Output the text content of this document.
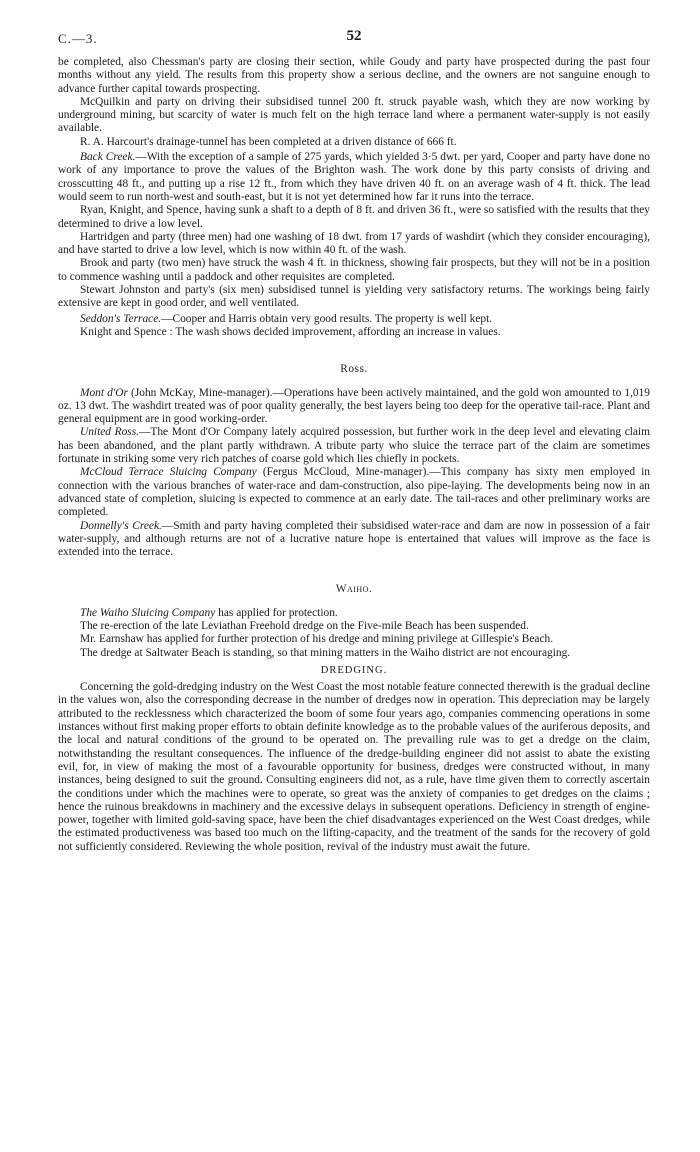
C.—3.	52

be completed, also Chessman's party are closing their section, while Goudy and party have prospected during the past four months without any yield. The results from this property show a serious decline, and the owners are not sanguine enough to advance further capital towards prospecting.

McQuilkin and party on driving their subsidised tunnel 200 ft. struck payable wash, which they are now working by underground mining, but scarcity of water is much felt on the high terrace land where a permanent water-supply is not easily available.

R. A. Harcourt's drainage-tunnel has been completed at a driven distance of 666 ft.

Back Creek.—With the exception of a sample of 275 yards, which yielded 3·5 dwt. per yard, Cooper and party have done no work of any importance to prove the values of the Brighton wash. The work done by this party consists of driving and crosscutting 48 ft., and putting up a rise 12 ft., from which they have driven 40 ft. on an average wash of 4 ft. thick. The lead would seem to run north-west and south-east, but it is not yet determined how far it runs into the terrace.

Ryan, Knight, and Spence, having sunk a shaft to a depth of 8 ft. and driven 36 ft., were so satisfied with the results that they determined to drive a low level.

Hartridgen and party (three men) had one washing of 18 dwt. from 17 yards of washdirt (which they consider encouraging), and have started to drive a low level, which is now within 40 ft. of the wash.

Brook and party (two men) have struck the wash 4 ft. in thickness, showing fair prospects, but they will not be in a position to commence washing until a paddock and other requisites are completed.

Stewart Johnston and party's (six men) subsidised tunnel is yielding very satisfactory returns. The workings being fairly extensive are kept in good order, and well ventilated.

Seddon's Terrace.—Cooper and Harris obtain very good results. The property is well kept.

Knight and Spence : The wash shows decided improvement, affording an increase in values.

Ross.

Mont d'Or (John McKay, Mine-manager).—Operations have been actively maintained, and the gold won amounted to 1,019 oz. 13 dwt. The washdirt treated was of poor quality generally, the best layers being too deep for the operative tail-race. Plant and general equipment are in good working-order.

United Ross.—The Mont d'Or Company lately acquired possession, but further work in the deep level and elevating claim has been abandoned, and the plant partly withdrawn. A tribute party who sluice the terrace part of the claim are sometimes fortunate in striking some very rich patches of coarse gold which lies chiefly in pockets.

McCloud Terrace Sluicing Company (Fergus McCloud, Mine-manager).—This company has sixty men employed in connection with the various branches of water-race and dam-construction, also pipe-laying. The developments being now in an advanced state of completion, sluicing is expected to commence at an early date. The tail-races and other preliminary works are completed.

Donnelly's Creek.—Smith and party having completed their subsidised water-race and dam are now in possession of a fair water-supply, and although returns are not of a lucrative nature hope is entertained that values will improve as the face is extended into the terrace.

Waiho.

The Waiho Sluicing Company has applied for protection.

The re-erection of the late Leviathan Freehold dredge on the Five-mile Beach has been suspended.

Mr. Earnshaw has applied for further protection of his dredge and mining privilege at Gillespie's Beach.

The dredge at Saltwater Beach is standing, so that mining matters in the Waiho district are not encouraging.

DREDGING.

Concerning the gold-dredging industry on the West Coast the most notable feature connected therewith is the gradual decline in the values won, also the corresponding decrease in the number of dredges now in operation. This depreciation may be largely attributed to the recklessness which characterized the boom of some four years ago, companies commencing operations in some instances without first making proper efforts to obtain definite knowledge as to the probable values of the auriferous deposits, and the local and natural conditions of the ground to be operated on. The prevailing rule was to get a dredge on the claim, notwithstanding the resultant consequences. The influence of the dredge-building engineer did not assist to abate the existing evil, for, in view of making the most of a favourable opportunity for business, dredges were constructed without, in many instances, being designed to suit the ground. Consulting engineers did not, as a rule, have time given them to correctly ascertain the conditions under which the machines were to operate, so great was the anxiety of companies to get dredges on the claims ; hence the ruinous breakdowns in machinery and the excessive delays in subsequent operations. Deficiency in strength of engine-power, together with limited gold-saving space, have been the chief disadvantages experienced on the West Coast dredges, while the estimated productiveness was based too much on the lifting-capacity, and the treatment of the sands for the recovery of gold not sufficiently considered. Reviewing the whole position, revival of the industry must await the future.
